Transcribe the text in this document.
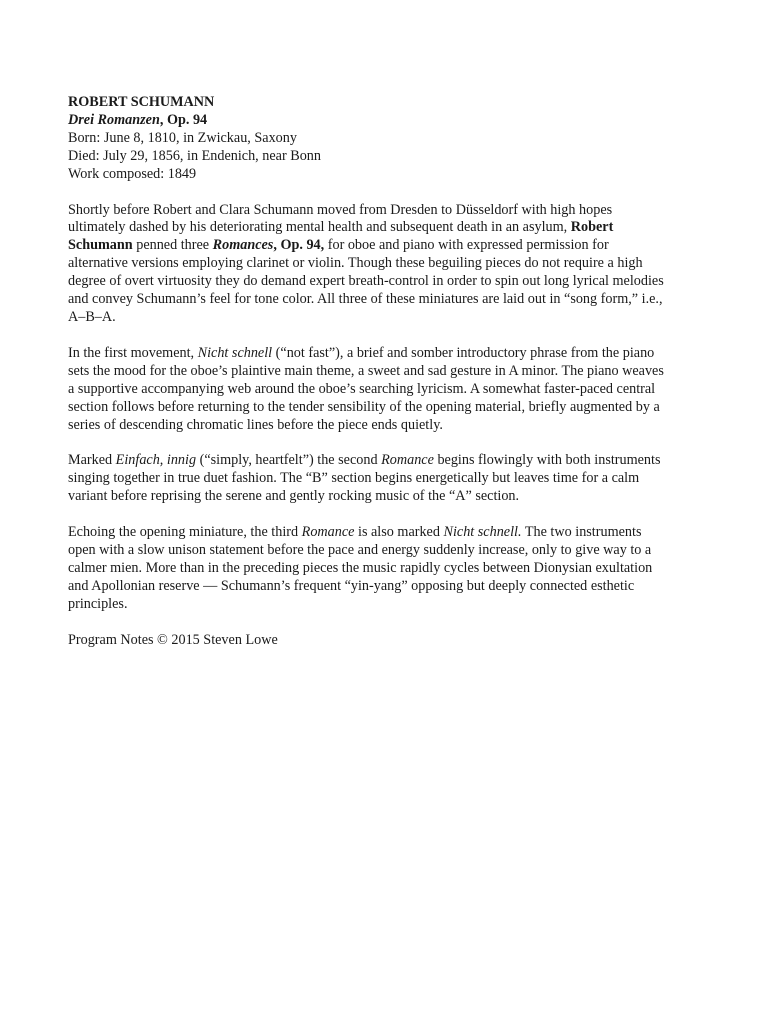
ROBERT SCHUMANN

Drei Romanzen, Op. 94

Born: June 8, 1810, in Zwickau, Saxony

Died: July 29, 1856, in Endenich, near Bonn

Work composed: 1849

Shortly before Robert and Clara Schumann moved from Dresden to Düsseldorf with high hopes ultimately dashed by his deteriorating mental health and subsequent death in an asylum, Robert Schumann penned three Romances, Op. 94, for oboe and piano with expressed permission for alternative versions employing clarinet or violin. Though these beguiling pieces do not require a high degree of overt virtuosity they do demand expert breath-control in order to spin out long lyrical melodies and convey Schumann’s feel for tone color. All three of these miniatures are laid out in “song form,” i.e., A–B–A.

In the first movement, Nicht schnell (“not fast”), a brief and somber introductory phrase from the piano sets the mood for the oboe’s plaintive main theme, a sweet and sad gesture in A minor. The piano weaves a supportive accompanying web around the oboe’s searching lyricism. A somewhat faster-paced central section follows before returning to the tender sensibility of the opening material, briefly augmented by a series of descending chromatic lines before the piece ends quietly.

Marked Einfach, innig (“simply, heartfelt”) the second Romance begins flowingly with both instruments singing together in true duet fashion. The “B” section begins energetically but leaves time for a calm variant before reprising the serene and gently rocking music of the “A” section.

Echoing the opening miniature, the third Romance is also marked Nicht schnell. The two instruments open with a slow unison statement before the pace and energy suddenly increase, only to give way to a calmer mien. More than in the preceding pieces the music rapidly cycles between Dionysian exultation and Apollonian reserve — Schumann’s frequent “yin-yang” opposing but deeply connected esthetic principles.

Program Notes © 2015 Steven Lowe
